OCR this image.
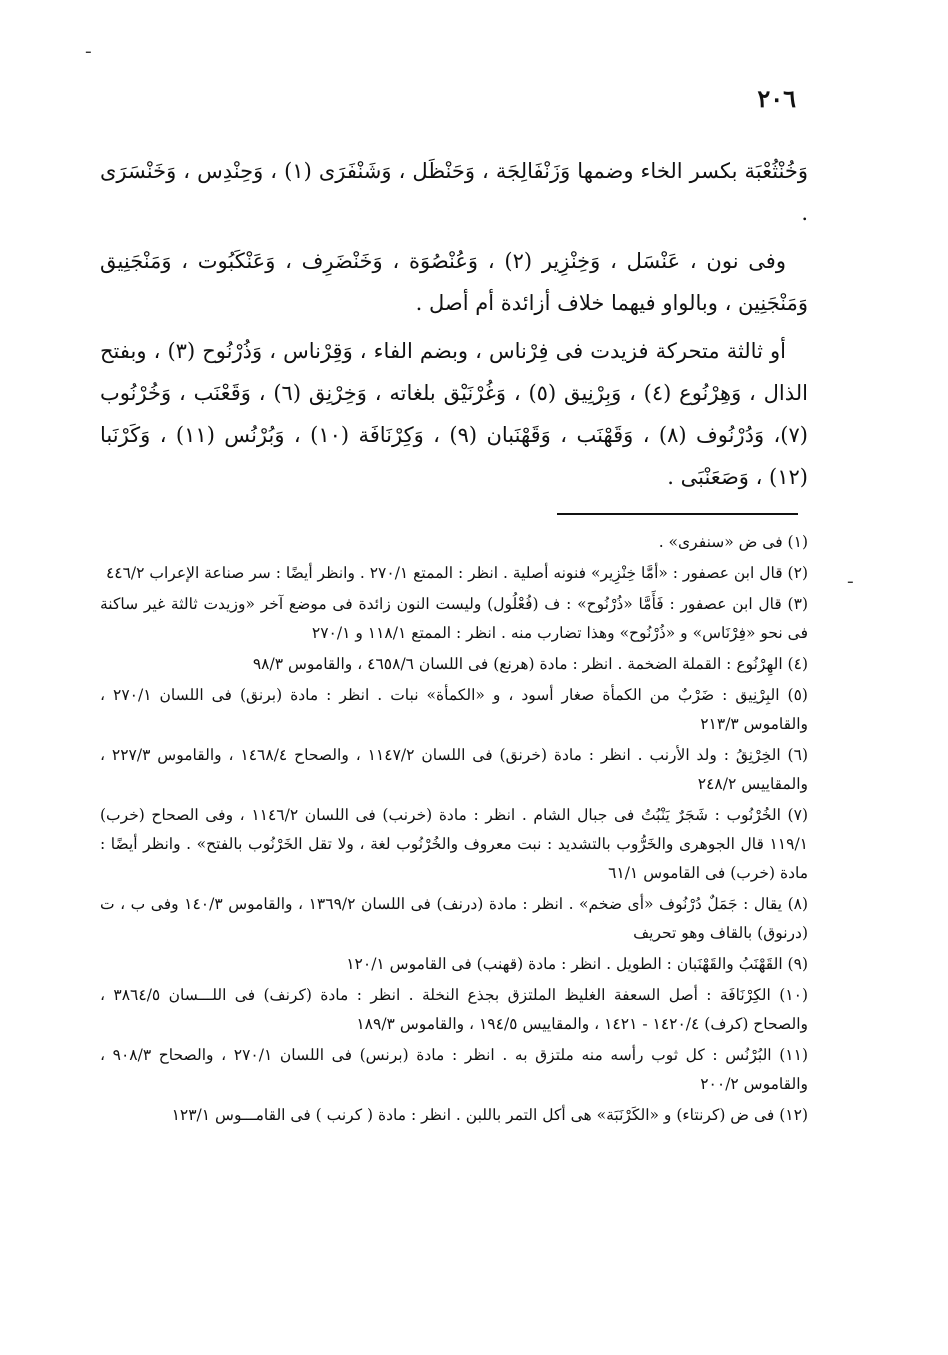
ـ
ـ
٢٠٦

وَخُنْثُعْبَة بكسر الخاء وضمها وَزَنْفَالِجَة ، وَحَنْظَل ، وَشَنْفَرَى (١) ، وَحِنْدِس ، وَخَنْسَرَى .

وفى نون ، عَنْسَل ، وَخِنْزِير (٢) ، وَعُنْصُوَة ، وَخَنْضَرِف ، وَعَنْكَبُوت ، وَمَنْجَنِيق وَمَنْجَنِين ، وبالواو فيهما خلاف أزائدة أم أصل .

أو ثالثة متحركة فزيدت فى فِرْناس ، وبضم الفاء ، وَقِرْناس ، وَذُرْنُوح (٣) ، وبفتح الذال ، وَهِرْنُوع (٤) ، وَبِرْنِيق (٥) ، وَغُرْنَيْق بلغاته ، وَخِرْنِق (٦) ، وَقَعْنَب ، وَخُرْنُوب (٧)، وَدُرْنُوف (٨) ، وَقَهْنَب ، وَقَهْنَبان (٩) ، وَكِرْنَافَة (١٠) ، وَبُرْنُس (١١) ، وَكَرْنَبا (١٢) ، وَصَعَنْبَى .

(١) فى ض «سنفرى» .
(٢) قال ابن عصفور : «أمَّا خِنْزِير» فنونه أصلية . انظر : الممتع ٢٧٠/١ . وانظر أيضًا : سر صناعة الإعراب ٤٤٦/٢
(٣) قال ابن عصفور : فَأَمَّا «ذُرْنُوح» : ف (فُعْلُول) وليست النون زائدة فى موضع آخر «وزيدت ثالثة غير ساكنة فى نحو «فِرْنَاس» و «ذُرْنُوح» وهذا تضارب منه . انظر : الممتع ١١٨/١ و ٢٧٠/١
(٤) الهِرْنُوع : القملة الضخمة . انظر : مادة (هرنع) فى اللسان ٤٦٥٨/٦ ، والقاموس ٩٨/٣
(٥) البِرْنِيق : ضَرْبٌ من الكمأة صغار أسود ، و «الكمأة» نبات . انظر : مادة (برنق) فى اللسان ٢٧٠/١ ، والقاموس ٢١٣/٣
(٦) الخِرْنِقُ : ولد الأرنب . انظر : مادة (خرنق) فى اللسان ١١٤٧/٢ ، والصحاح ١٤٦٨/٤ ، والقاموس ٢٢٧/٣ ، والمقاييس ٢٤٨/٢
(٧) الخُرْنُوب : شَجَرٌ يَنْبُتُ فى جبال الشام . انظر : مادة (خرنب) فى اللسان ١١٤٦/٢ ، وفى الصحاح (خرب) ١١٩/١ قال الجوهرى والخَرُّوب بالتشديد : نبت معروف والخُرْنُوب لغة ، ولا تقل الخَرْنُوب بالفتح» . وانظر أيضًا : مادة (خرب) فى القاموس ٦١/١
(٨) يقال : جَمَلٌ دُرْنُوف «أى ضخم» . انظر : مادة (درنف) فى اللسان ١٣٦٩/٢ ، والقاموس ١٤٠/٣ وفى ب ، ت (درنوق) بالقاف وهو تحريف
(٩) القَهْنَبُ والقَهْنَبان : الطويل . انظر : مادة (قهنب) فى القاموس ١٢٠/١
(١٠) الكِرْنَافَة : أصل السعفة الغليظ الملتزق بجذع النخلة . انظر : مادة (كرنف) فى اللـــسان ٣٨٦٤/٥ ، والصحاح (كرف) ١٤٢٠/٤ - ١٤٢١ ، والمقاييس ١٩٤/٥ ، والقاموس ١٨٩/٣
(١١) البُرْنُس : كل ثوب رأسه منه ملتزق به . انظر : مادة (برنس) فى اللسان ٢٧٠/١ ، والصحاح ٩٠٨/٣ ، والقاموس ٢٠٠/٢
(١٢) فى ض (كرنتاء) و «الكَرْنَبَة» هى أكل التمر باللبن . انظر : مادة ( كرنب ) فى القامـــوس ١٢٣/١
